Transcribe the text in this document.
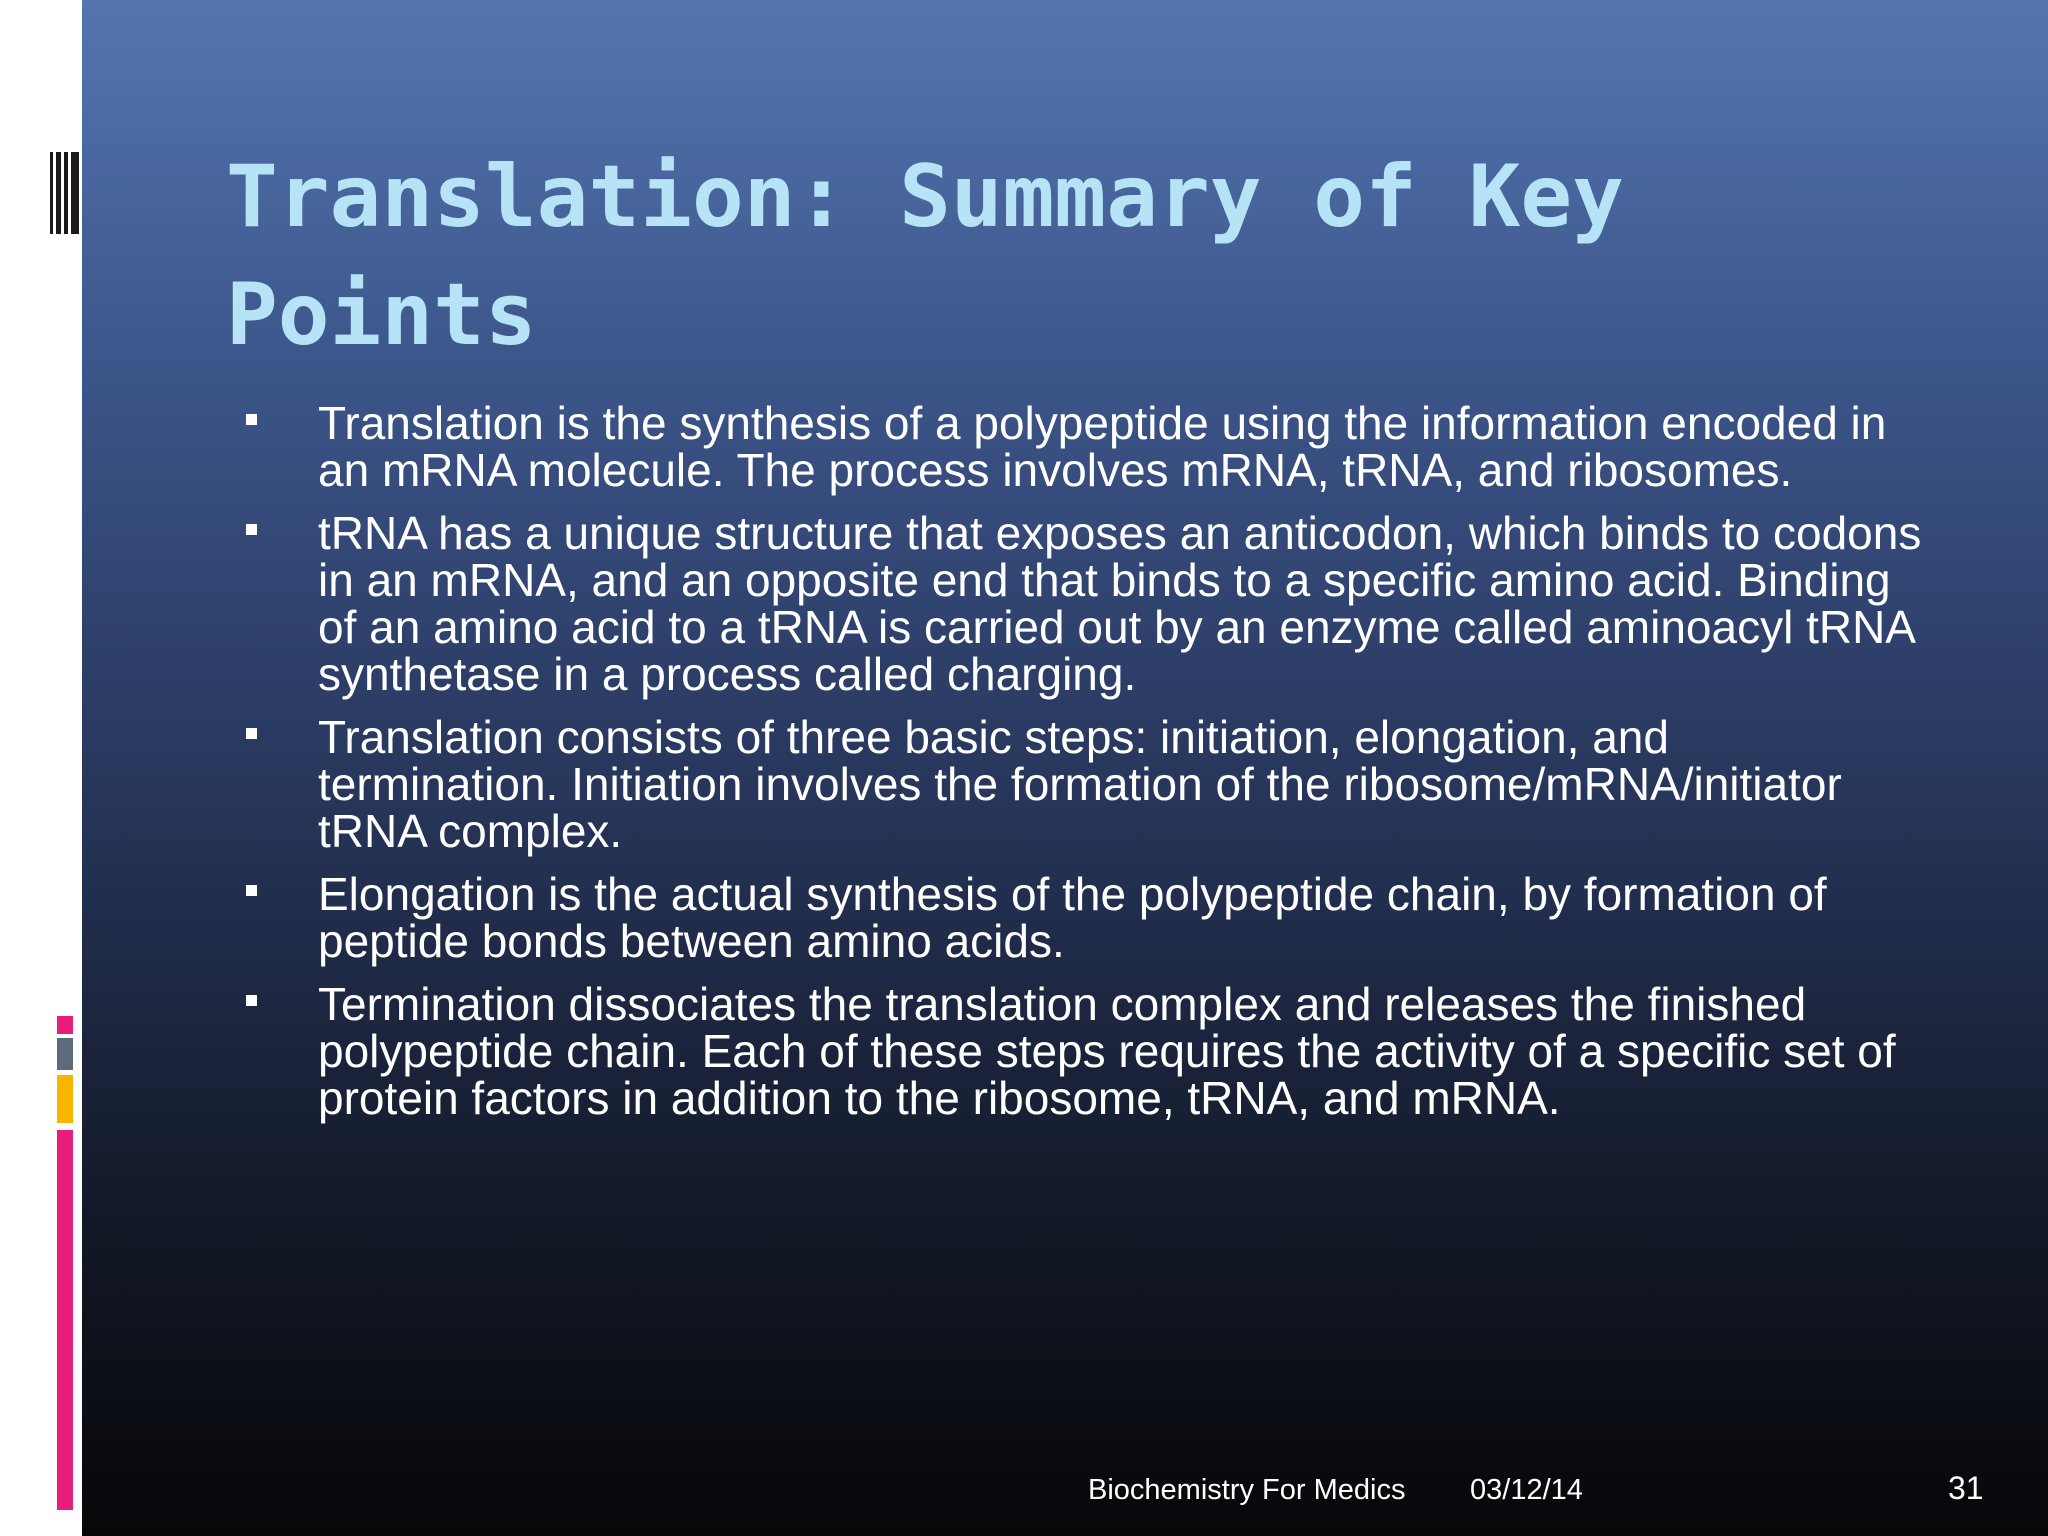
Translation: Summary of Key Points
Translation is the synthesis of a polypeptide using the information encoded in an mRNA molecule. The process involves mRNA, tRNA, and ribosomes.
tRNA has a unique structure that exposes an anticodon, which binds to codons in an mRNA, and an opposite end that binds to a specific amino acid. Binding of an amino acid to a tRNA is carried out by an enzyme called aminoacyl tRNA synthetase in a process called charging.
Translation consists of three basic steps: initiation, elongation, and termination. Initiation involves the formation of the ribosome/mRNA/initiator tRNA complex.
Elongation is the actual synthesis of the polypeptide chain, by formation of peptide bonds between amino acids.
Termination dissociates the translation complex and releases the finished polypeptide chain. Each of these steps requires the activity of a specific set of protein factors in addition to the ribosome, tRNA, and mRNA.
Biochemistry For Medics 03/12/14	31
